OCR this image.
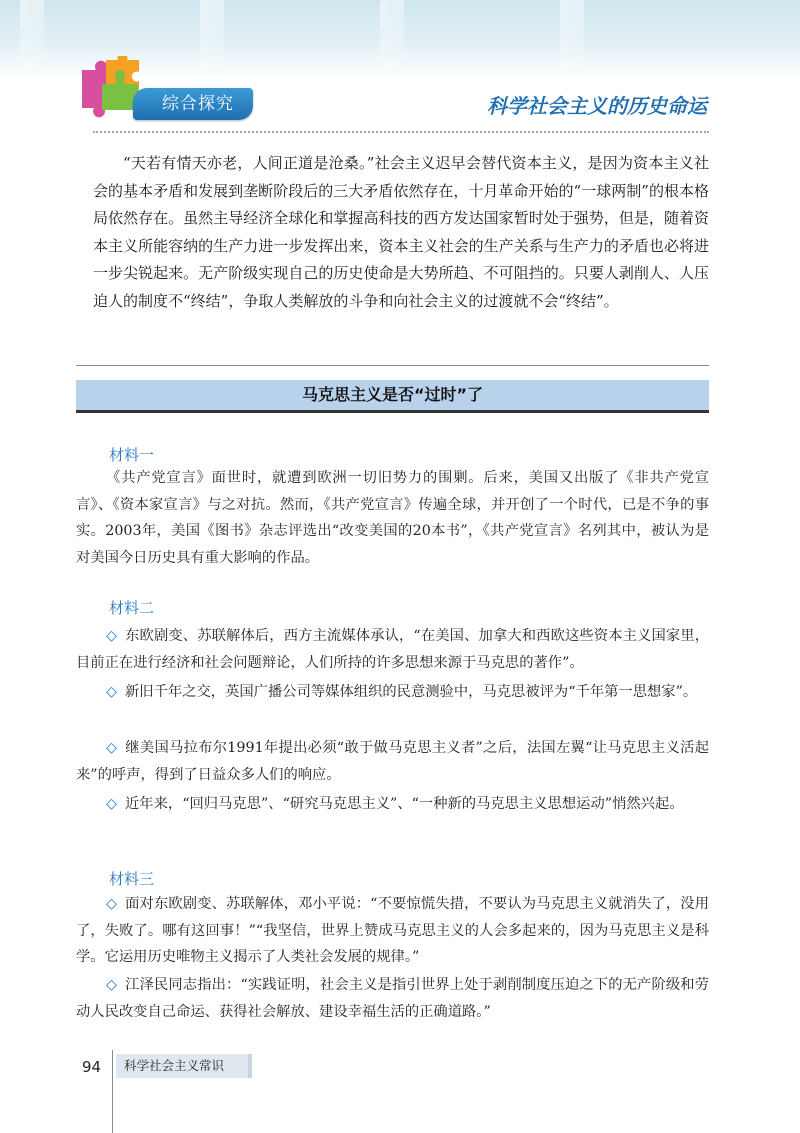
综合探究	科学社会主义的历史命运

“天若有情天亦老，人间正道是沧桑。”社会主义迟早会替代资本主义，是因为资本主义社会的基本矛盾和发展到垄断阶段后的三大矛盾依然存在，十月革命开始的“一球两制”的根本格局依然存在。虽然主导经济全球化和掌握高科技的西方发达国家暂时处于强势，但是，随着资本主义所能容纳的生产力进一步发挥出来，资本主义社会的生产关系与生产力的矛盾也必将进一步尖锐起来。无产阶级实现自己的历史使命是大势所趋、不可阻挡的。只要人剥削人、人压迫人的制度不“终结”，争取人类解放的斗争和向社会主义的过渡就不会“终结”。

马克思主义是否“过时”了
材料一

《共产党宣言》面世时，就遭到欧洲一切旧势力的围剿。后来，美国又出版了《非共产党宣言》、《资本家宣言》与之对抗。然而，《共产党宣言》传遍全球，并开创了一个时代，已是不争的事实。2003年，美国《图书》杂志评选出“改变美国的20本书”，《共产党宣言》名列其中，被认为是对美国今日历史具有重大影响的作品。

材料二

◇ 东欧剧变、苏联解体后，西方主流媒体承认，“在美国、加拿大和西欧这些资本主义国家里，目前正在进行经济和社会问题辩论，人们所持的许多思想来源于马克思的著作”。

◇ 新旧千年之交，英国广播公司等媒体组织的民意测验中，马克思被评为“千年第一思想家”。

◇ 继美国马拉布尔1991年提出必须“敢于做马克思主义者”之后，法国左翼“让马克思主义活起来”的呼声，得到了日益众多人们的响应。

◇ 近年来，“回归马克思”、“研究马克思主义”、“一种新的马克思主义思想运动”悄然兴起。

材料三

◇ 面对东欧剧变、苏联解体，邓小平说：“不要惊慌失措，不要认为马克思主义就消失了，没用了，失败了。哪有这回事！”“我坚信，世界上赞成马克思主义的人会多起来的，因为马克思主义是科学。它运用历史唯物主义揭示了人类社会发展的规律。”

◇ 江泽民同志指出：“实践证明，社会主义是指引世界上处于剥削制度压迫之下的无产阶级和劳动人民改变自己命运、获得社会解放、建设幸福生活的正确道路。”

94	科学社会主义常识
